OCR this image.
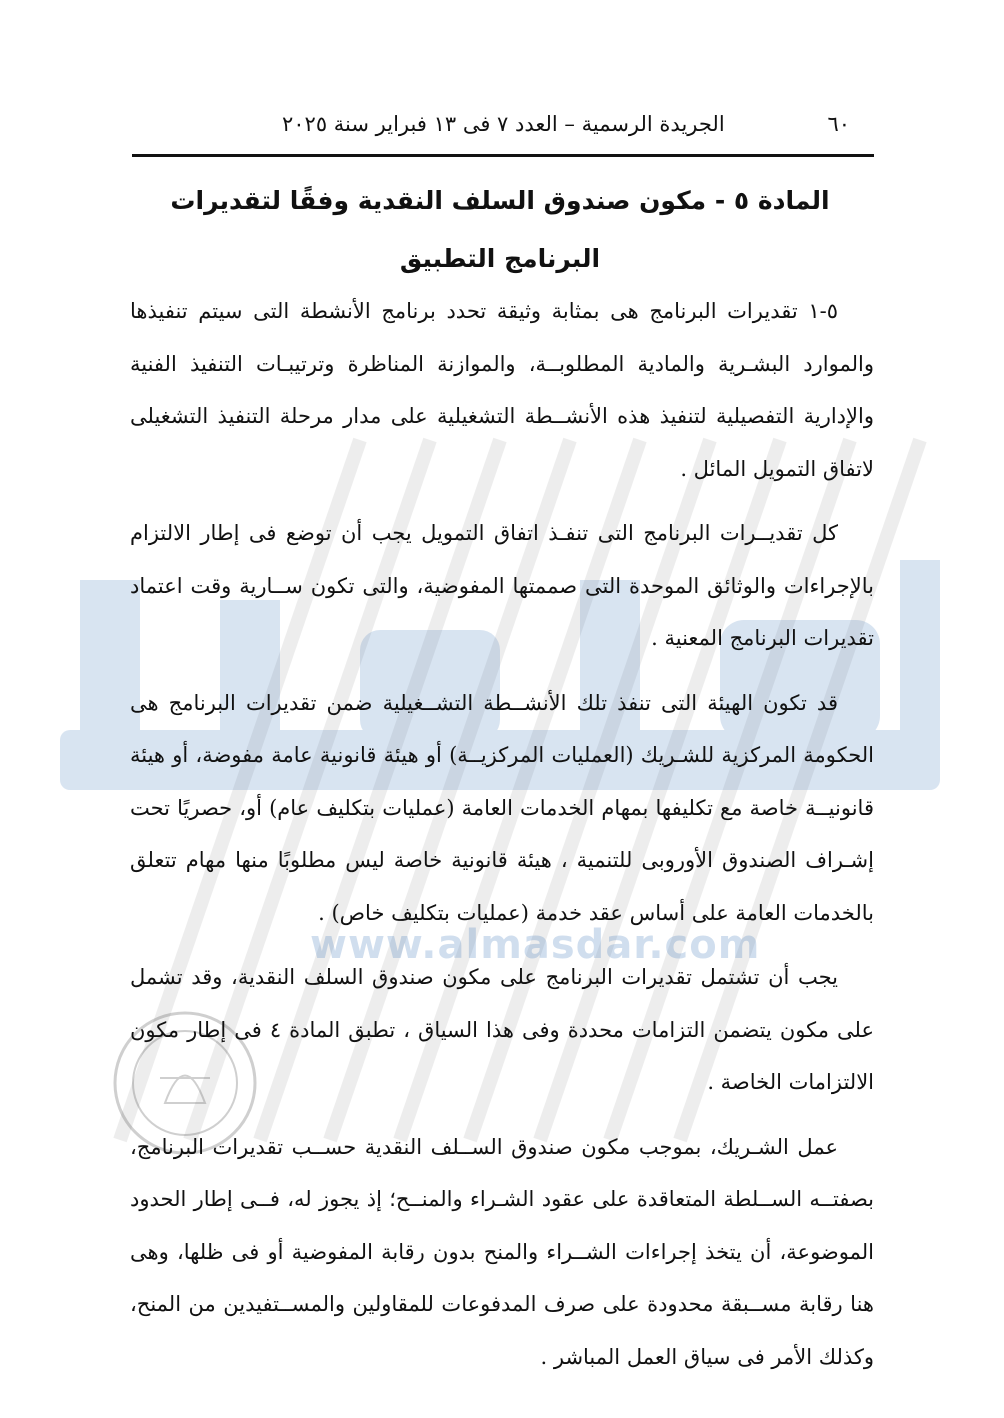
www.almasdar.com
٦٠
الجريدة الرسمية – العدد ٧ فى ١٣ فبراير سنة ٢٠٢٥
المادة ٥ - مكون صندوق السلف النقدية وفقًا لتقديرات البرنامج التطبيق

٥-١ تقديرات البرنامج هى بمثابة وثيقة تحدد برنامج الأنشطة التى سيتم تنفيذها والموارد البشـرية والمادية المطلوبــة، والموازنة المناظرة وترتيبـات التنفيذ الفنية والإدارية التفصيلية لتنفيذ هذه الأنشــطة التشغيلية على مدار مرحلة التنفيذ التشغيلى لاتفاق التمويل المائل .

كل تقديــرات البرنامج التى تنفـذ اتفاق التمويل يجب أن توضع فى إطار الالتزام بالإجراءات والوثائق الموحدة التى صممتها المفوضية، والتى تكون ســارية وقت اعتماد تقديرات البرنامج المعنية .

قد تكون الهيئة التى تنفذ تلك الأنشــطة التشــغيلية ضمن تقديرات البرنامج هى الحكومة المركزية للشـريك (العمليات المركزيــة) أو هيئة قانونية عامة مفوضة، أو هيئة قانونيــة خاصة مع تكليفها بمهام الخدمات العامة (عمليات بتكليف عام) أو، حصريًا تحت إشـراف الصندوق الأوروبى للتنمية ، هيئة قانونية خاصة ليس مطلوبًا منها مهام تتعلق بالخدمات العامة على أساس عقد خدمة (عمليات بتكليف خاص) .

يجب أن تشتمل تقديرات البرنامج على مكون صندوق السلف النقدية، وقد تشمل على مكون يتضمن التزامات محددة وفى هذا السياق ، تطبق المادة ٤ فى إطار مكون الالتزامات الخاصة .

عمل الشـريك، بموجب مكون صندوق الســلف النقدية حســب تقديرات البرنامج، بصفتــه الســلطة المتعاقدة على عقود الشـراء والمنــح؛ إذ يجوز له، فــى إطار الحدود الموضوعة، أن يتخذ إجراءات الشــراء والمنح بدون رقابة المفوضية أو فى ظلها، وهى هنا رقابة مســبقة محدودة على صرف المدفوعات للمقاولين والمســتفيدين من المنح، وكذلك الأمر فى سياق العمل المباشر .
